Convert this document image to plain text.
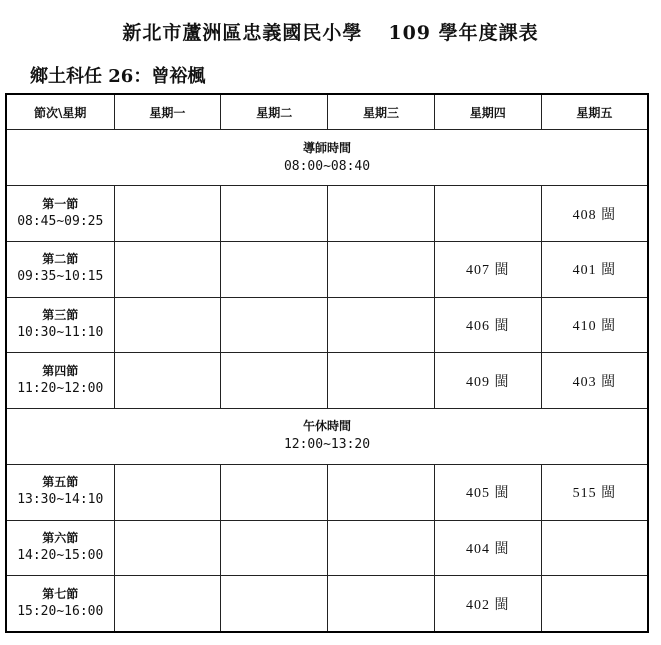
新北市蘆洲區忠義國民小學 109 學年度課表
鄉土科任 26：曾裕楓
節次\星期	星期一	星期二	星期三	星期四	星期五

導師時間
08:00~08:40					

第一節
08:45~09:25					408 閩

第二節
09:35~10:15				407 閩	401 閩

第三節
10:30~11:10				406 閩	410 閩

第四節
11:20~12:00				409 閩	403 閩

午休時間
12:00~13:20					

第五節
13:30~14:10				405 閩	515 閩

第六節
14:20~15:00				404 閩	

第七節
15:20~16:00				402 閩	
